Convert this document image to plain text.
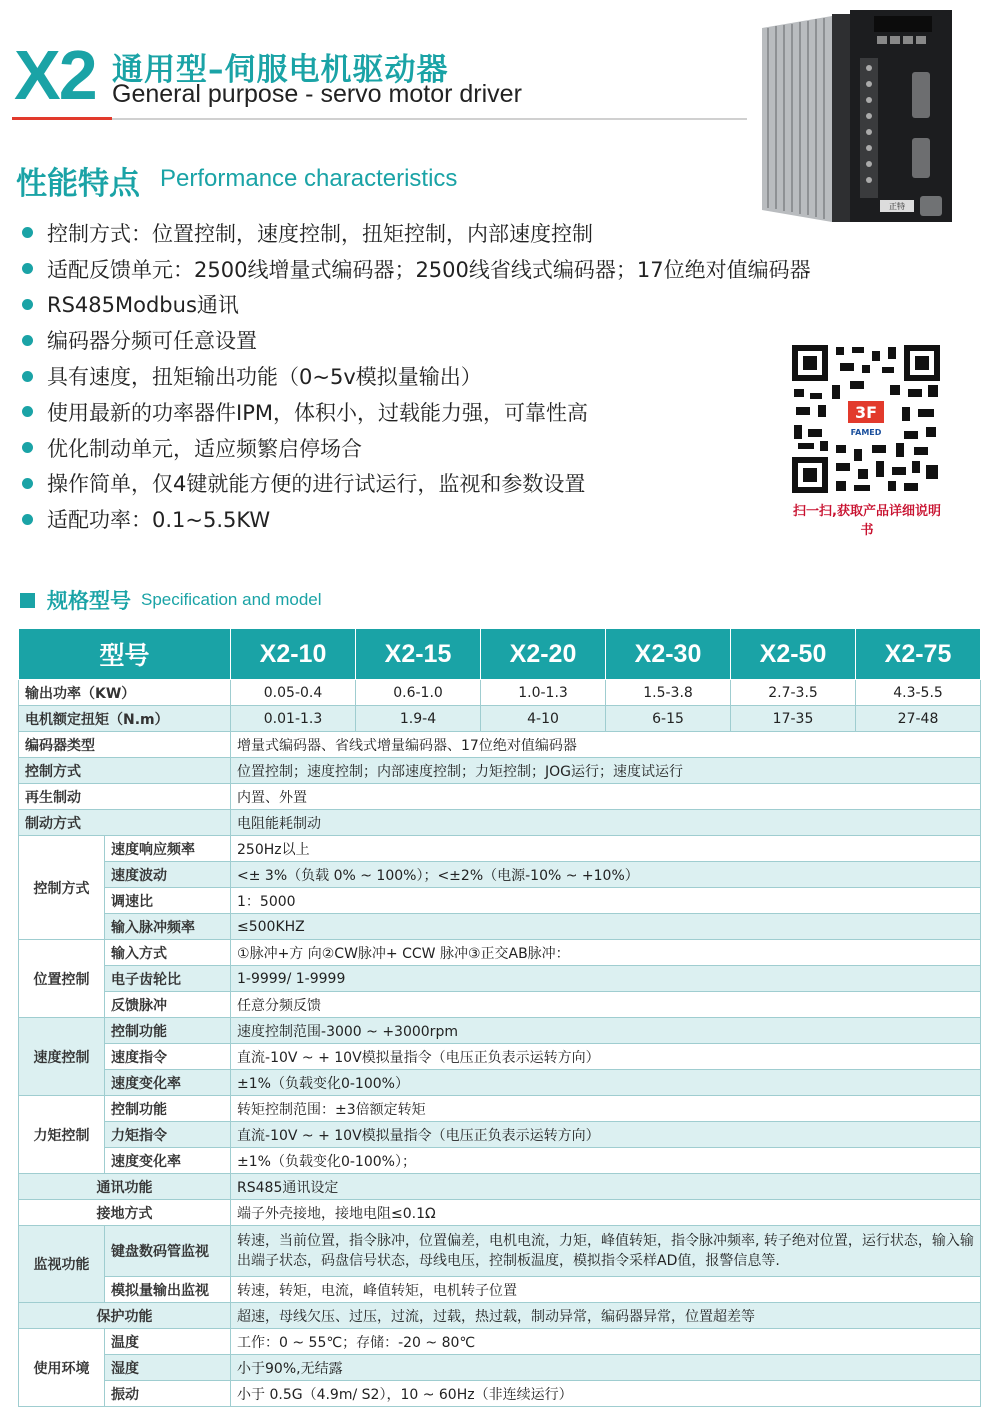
X2 通用型–伺服电机驱动器
General purpose - servo motor driver
正特
性能特点 Performance characteristics
控制方式：位置控制，速度控制，扭矩控制，内部速度控制
适配反馈单元：2500线增量式编码器；2500线省线式编码器；17位绝对值编码器
RS485Modbus通讯
编码器分频可任意设置
具有速度，扭矩输出功能（0~5v模拟量输出）
使用最新的功率器件IPM，体积小，过载能力强，可靠性高
优化制动单元，适应频繁启停场合
操作简单，仅4键就能方便的进行试运行，监视和参数设置
适配功率：0.1~5.5KW
3F
FAMED
扫一扫,获取产品详细说明书
规格型号 Specification and model
型号		X2-10	X2-15	X2-20	X2-30	X2-50	X2-75
输出功率（KW）		0.05-0.4	0.6-1.0	1.0-1.3	1.5-3.8	2.7-3.5	4.3-5.5
电机额定扭矩（N.m）		0.01-1.3	1.9-4	4-10	6-15	17-35	27-48
编码器类型		增量式编码器、省线式增量编码器、17位绝对值编码器					
控制方式		位置控制；速度控制；内部速度控制；力矩控制；JOG运行；速度试运行					
再生制动		内置、外置					
制动方式		电阻能耗制动					
控制方式	速度响应频率	250Hz以上					
	速度波动	<± 3%（负载 0% ~ 100%）；<±2%（电源-10% ~ +10%）					
	调速比	1：5000					
	输入脉冲频率	≤500KHZ					
位置控制	输入方式	①脉冲+方 向②CW脉冲+ CCW 脉冲③正交AB脉冲：					
	电子齿轮比	1-9999/ 1-9999					
	反馈脉冲	任意分频反馈					
速度控制	控制功能	速度控制范围-3000 ~ +3000rpm					
	速度指令	直流-10V ~ + 10V模拟量指令（电压正负表示运转方向）					
	速度变化率	±1%（负载变化0-100%）					
力矩控制	控制功能	转矩控制范围：±3倍额定转矩					
	力矩指令	直流-10V ~ + 10V模拟量指令（电压正负表示运转方向）					
	速度变化率	±1%（负载变化0-100%）；					
通讯功能		RS485通讯设定					
接地方式		端子外壳接地，接地电阻≤0.1Ω					
监视功能	键盘数码管监视	转速，当前位置，指令脉冲，位置偏差，电机电流，力矩，峰值转矩，指令脉冲频率, 转子绝对位置，运行状态，输入输出端子状态，码盘信号状态，母线电压，控制板温度，模拟指令采样AD值，报警信息等.					
	模拟量输出监视	转速，转矩，电流，峰值转矩，电机转子位置					
保护功能		超速，母线欠压、过压，过流，过载，热过载，制动异常，编码器异常，位置超差等					
使用环境	温度	工作：0 ~ 55℃；存储：-20 ~ 80℃					
	湿度	小于90%,无结露					
	振动	小于 0.5G（4.9m/ S2），10 ~ 60Hz（非连续运行）					
